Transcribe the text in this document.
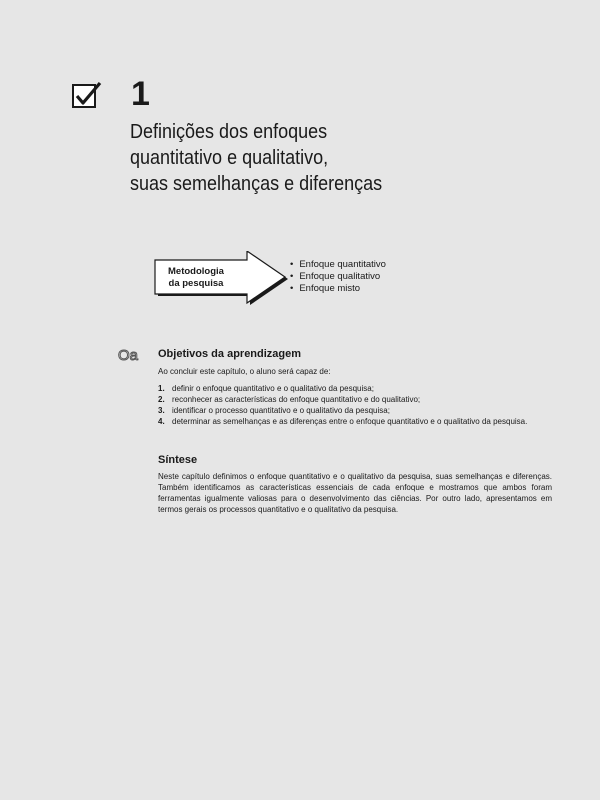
1
Definições dos enfoques
quantitativo e qualitativo,
suas semelhanças e diferenças
Metodologia
da pesquisa
• Enfoque quantitativo
• Enfoque qualitativo
• Enfoque misto
Oa Objetivos da aprendizagem
Ao concluir este capítulo, o aluno será capaz de:
1. definir o enfoque quantitativo e o qualitativo da pesquisa;
2. reconhecer as características do enfoque quantitativo e do qualitativo;
3. identificar o processo quantitativo e o qualitativo da pesquisa;
4. determinar as semelhanças e as diferenças entre o enfoque quantitativo e o qualitativo da pesquisa.
Síntese
Neste capítulo definimos o enfoque quantitativo e o qualitativo da pesquisa, suas semelhanças e diferenças. Também identificamos as características essenciais de cada enfoque e mostramos que ambos foram ferramentas igualmente valiosas para o desenvolvimento das ciências. Por outro lado, apresentamos em termos gerais os processos quantitativo e o qualitativo da pesquisa.
